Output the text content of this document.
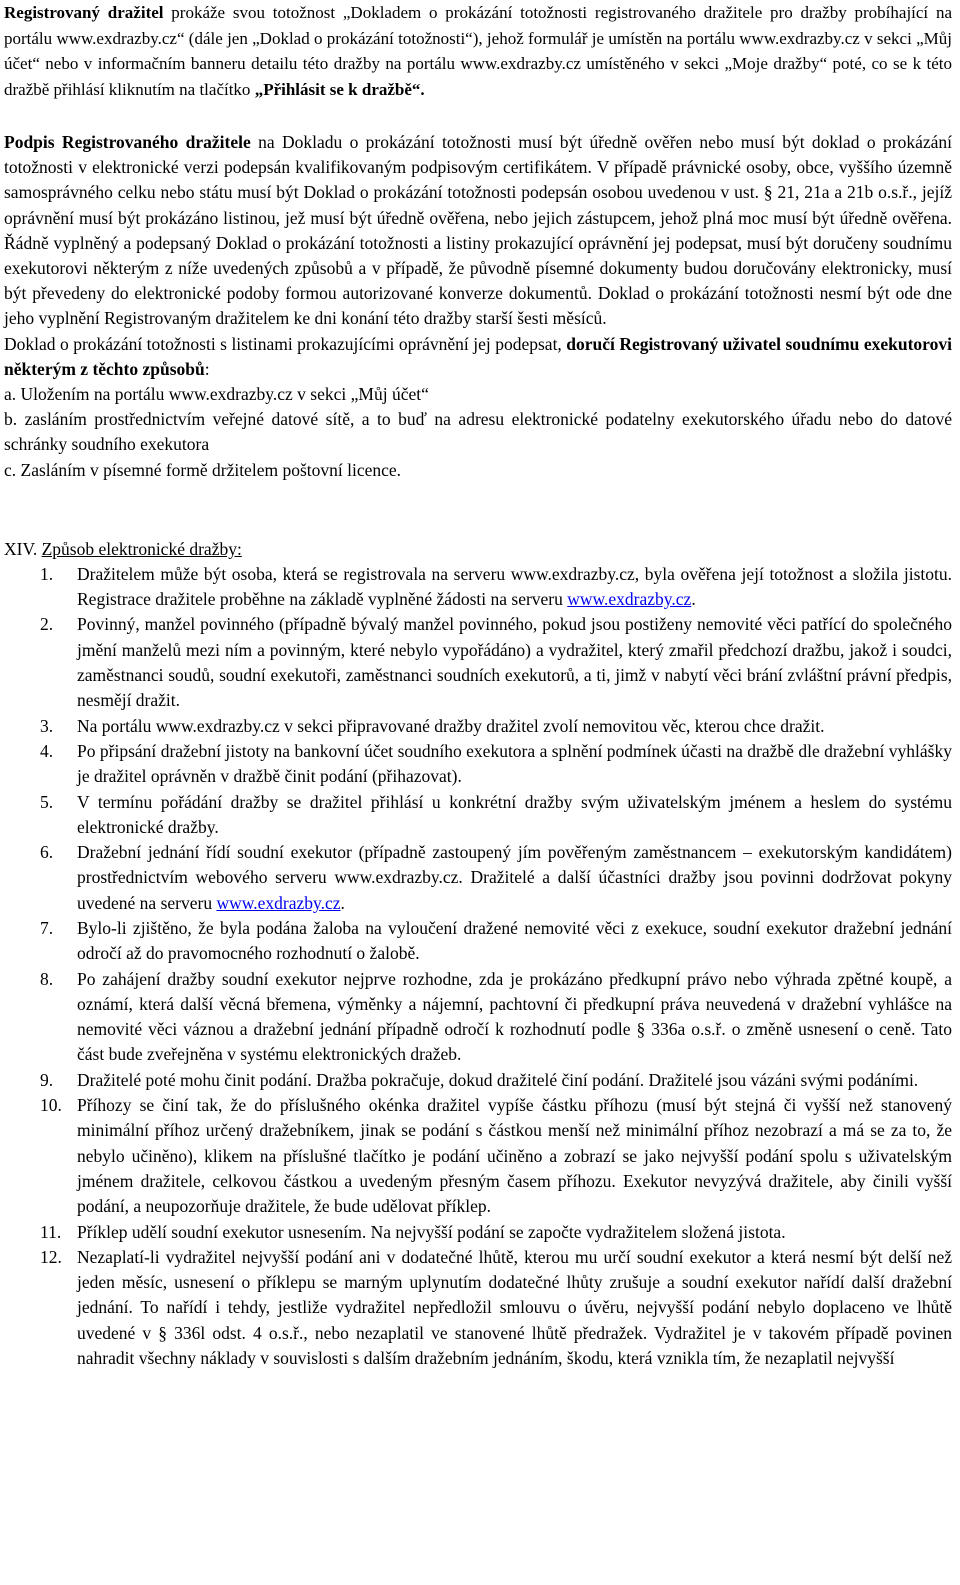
Registrovaný dražitel prokáže svou totožnost „Dokladem o prokázání totožnosti registrovaného dražitele pro dražby probíhající na portálu www.exdrazby.cz“ (dále jen „Doklad o prokázání totožnosti“), jehož formulář je umístěn na portálu www.exdrazby.cz v sekci „Můj účet“ nebo v informačním banneru detailu této dražby na portálu www.exdrazby.cz umístěného v sekci „Moje dražby“ poté, co se k této dražbě přihlásí kliknutím na tlačítko „Přihlásit se k dražbě“.

Podpis Registrovaného dražitele na Dokladu o prokázání totožnosti musí být úředně ověřen nebo musí být doklad o prokázání totožnosti v elektronické verzi podepsán kvalifikovaným podpisovým certifikátem. V případě právnické osoby, obce, vyššího územně samosprávného celku nebo státu musí být Doklad o prokázání totožnosti podepsán osobou uvedenou v ust. § 21, 21a a 21b o.s.ř., jejíž oprávnění musí být prokázáno listinou, jež musí být úředně ověřena, nebo jejich zástupcem, jehož plná moc musí být úředně ověřena. Řádně vyplněný a podepsaný Doklad o prokázání totožnosti a listiny prokazující oprávnění jej podepsat, musí být doručeny soudnímu exekutorovi některým z níže uvedených způsobů a v případě, že původně písemné dokumenty budou doručovány elektronicky, musí být převedeny do elektronické podoby formou autorizované konverze dokumentů. Doklad o prokázání totožnosti nesmí být ode dne jeho vyplnění Registrovaným dražitelem ke dni konání této dražby starší šesti měsíců.

Doklad o prokázání totožnosti s listinami prokazujícími oprávnění jej podepsat, doručí Registrovaný uživatel soudnímu exekutorovi některým z těchto způsobů:

a. Uložením na portálu www.exdrazby.cz v sekci „Můj účet“

b. zasláním prostřednictvím veřejné datové sítě, a to buď na adresu elektronické podatelny exekutorského úřadu nebo do datové schránky soudního exekutora

c. Zasláním v písemné formě držitelem poštovní licence.

XIV. Způsob elektronické dražby:

1.	Dražitelem může být osoba, která se registrovala na serveru www.exdrazby.cz, byla ověřena její totožnost a složila jistotu. Registrace dražitele proběhne na základě vyplněné žádosti na serveru www.exdrazby.cz.
2.	Povinný, manžel povinného (případně bývalý manžel povinného, pokud jsou postiženy nemovité věci patřící do společného jmění manželů mezi ním a povinným, které nebylo vypořádáno) a vydražitel, který zmařil předchozí dražbu, jakož i soudci, zaměstnanci soudů, soudní exekutoři, zaměstnanci soudních exekutorů, a ti, jimž v nabytí věci brání zvláštní právní předpis, nesmějí dražit.
3.	Na portálu www.exdrazby.cz v sekci připravované dražby dražitel zvolí nemovitou věc, kterou chce dražit.
4.	Po připsání dražební jistoty na bankovní účet soudního exekutora a splnění podmínek účasti na dražbě dle dražební vyhlášky je dražitel oprávněn v dražbě činit podání (přihazovat).
5.	V termínu pořádání dražby se dražitel přihlásí u konkrétní dražby svým uživatelským jménem a heslem do systému elektronické dražby.
6.	Dražební jednání řídí soudní exekutor (případně zastoupený jím pověřeným zaměstnancem – exekutorským kandidátem) prostřednictvím webového serveru www.exdrazby.cz. Dražitelé a další účastníci dražby jsou povinni dodržovat pokyny uvedené na serveru www.exdrazby.cz.
7.	Bylo-li zjištěno, že byla podána žaloba na vyloučení dražené nemovité věci z exekuce, soudní exekutor dražební jednání odročí až do pravomocného rozhodnutí o žalobě.
8.	Po zahájení dražby soudní exekutor nejprve rozhodne, zda je prokázáno předkupní právo nebo výhrada zpětné koupě, a oznámí, která další věcná břemena, výměnky a nájemní, pachtovní či předkupní práva neuvedená v dražební vyhlášce na nemovité věci váznou a dražební jednání případně odročí k rozhodnutí podle § 336a o.s.ř. o změně usnesení o ceně. Tato část bude zveřejněna v systému elektronických dražeb.
9.	Dražitelé poté mohu činit podání. Dražba pokračuje, dokud dražitelé činí podání. Dražitelé jsou vázáni svými podáními.
10. Příhozy se činí tak, že do příslušného okénka dražitel vypíše částku příhozu (musí být stejná či vyšší než stanovený minimální příhoz určený dražebníkem, jinak se podání s částkou menší než minimální příhoz nezobrazí a má se za to, že nebylo učiněno), klikem na příslušné tlačítko je podání učiněno a zobrazí se jako nejvyšší podání spolu s uživatelským jménem dražitele, celkovou částkou a uvedeným přesným časem příhozu. Exekutor nevyzývá dražitele, aby činili vyšší podání, a neupozorňuje dražitele, že bude udělovat příklep.
11. Příklep udělí soudní exekutor usnesením. Na nejvyšší podání se započte vydražitelem složená jistota.
12. Nezaplatí-li vydražitel nejvyšší podání ani v dodatečné lhůtě, kterou mu určí soudní exekutor a která nesmí být delší než jeden měsíc, usnesení o příklepu se marným uplynutím dodatečné lhůty zrušuje a soudní exekutor nařídí další dražební jednání. To nařídí i tehdy, jestliže vydražitel nepředložil smlouvu o úvěru, nejvyšší podání nebylo doplaceno ve lhůtě uvedené v § 336l odst. 4 o.s.ř., nebo nezaplatil ve stanovené lhůtě předražek. Vydražitel je v takovém případě povinen nahradit všechny náklady v souvislosti s dalším dražebním jednáním, škodu, která vznikla tím, že nezaplatil nejvyšší
